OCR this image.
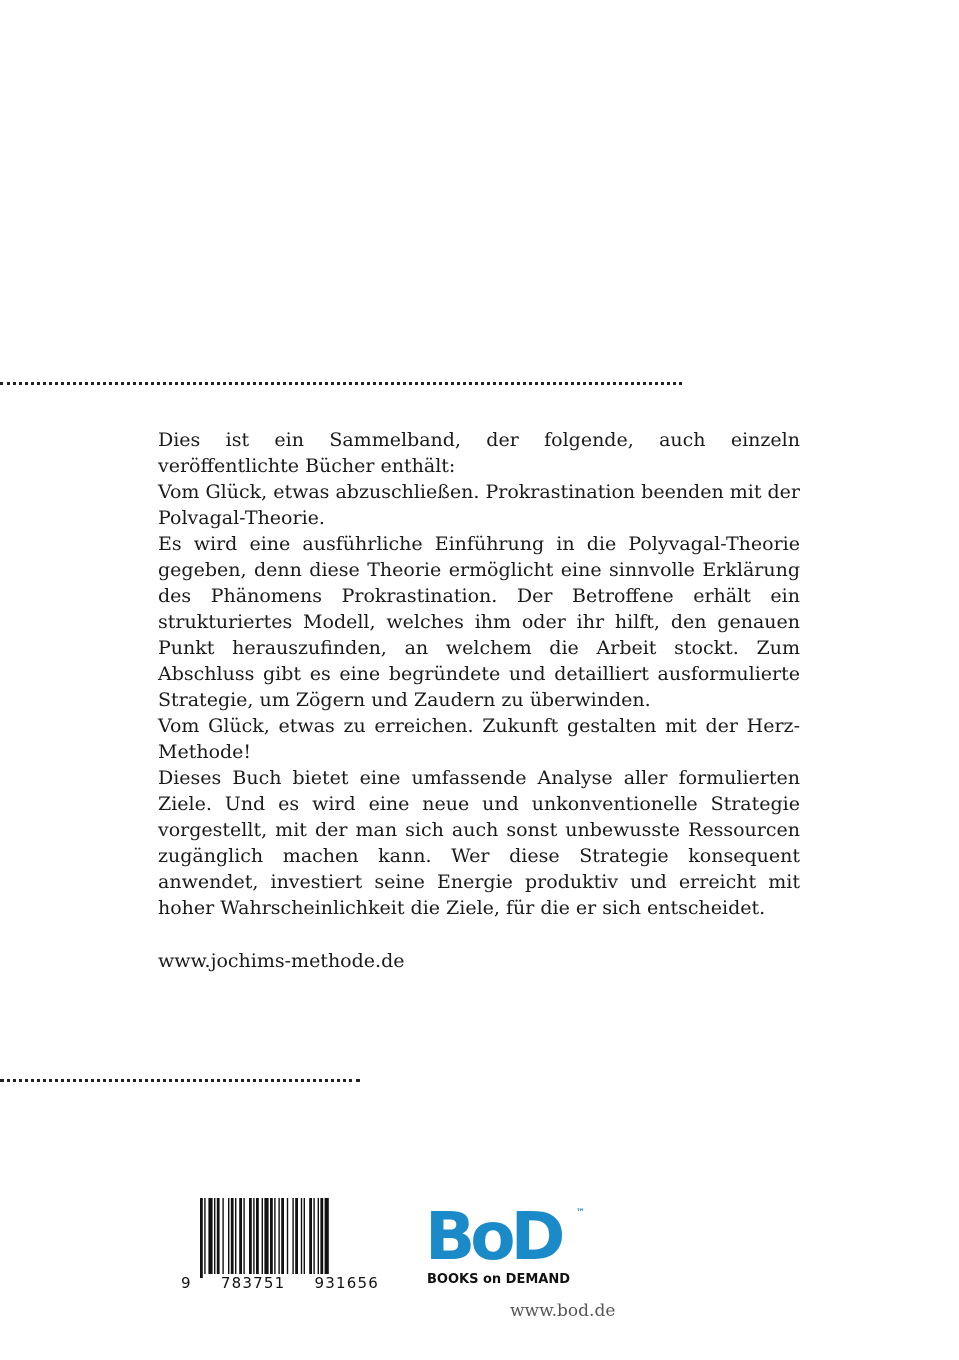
Dies ist ein Sammelband, der folgende, auch einzeln veröffentlichte Bücher enthält:

Vom Glück, etwas abzuschließen. Prokrastination beenden mit der Polvagal-Theorie.

Es wird eine ausführliche Einführung in die Polyvagal-Theorie gegeben, denn diese Theorie ermöglicht eine sinnvolle Erklärung des Phänomens Prokrastination. Der Betroffene erhält ein strukturiertes Modell, welches ihm oder ihr hilft, den genauen Punkt herauszufinden, an welchem die Arbeit stockt. Zum Abschluss gibt es eine begründete und detailliert ausformulierte Strategie, um Zögern und Zaudern zu überwinden.

Vom Glück, etwas zu erreichen. Zukunft gestalten mit der Herz-Methode!

Dieses Buch bietet eine umfassende Analyse aller formulierten Ziele. Und es wird eine neue und unkonventionelle Strategie vorgestellt, mit der man sich auch sonst unbewusste Ressourcen zugänglich machen kann. Wer diese Strategie konsequent anwendet, investiert seine Energie produktiv und erreicht mit hoher Wahrscheinlichkeit die Ziele, für die er sich entscheidet.

www.jochims-methode.de
9 783751 931656
BoD	™
BOOKS on DEMAND
www.bod.de
